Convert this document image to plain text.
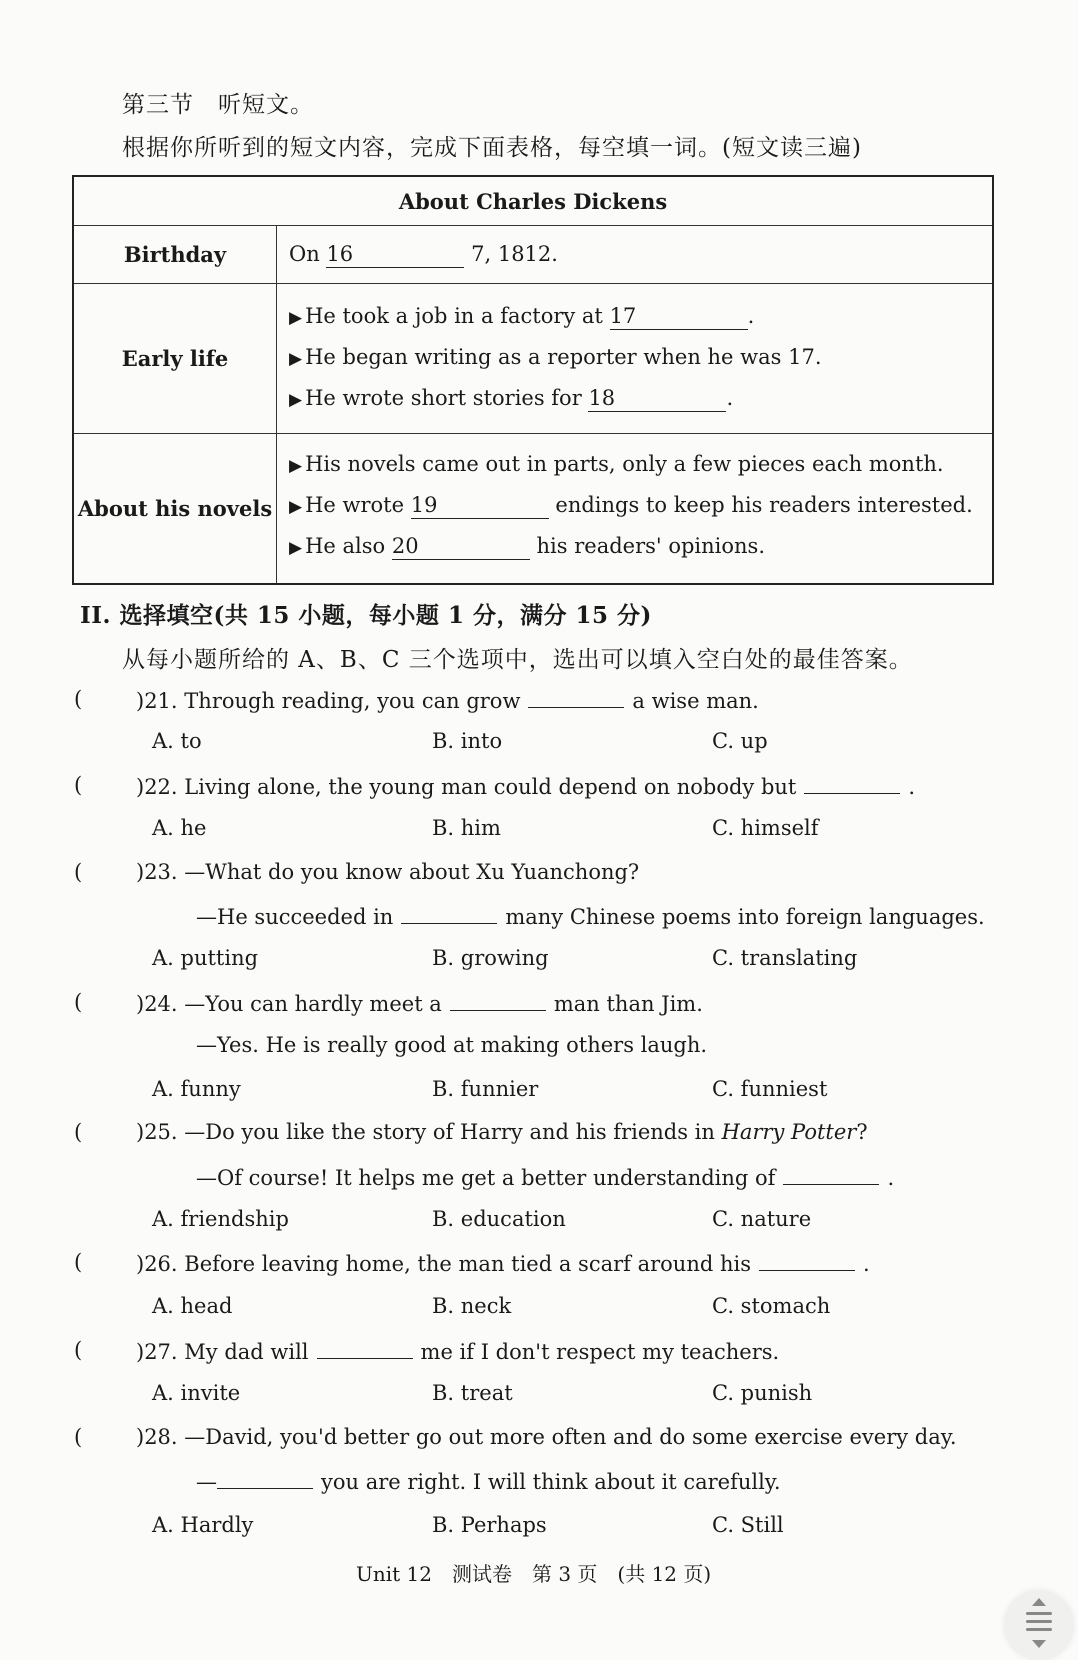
第三节　听短文。
根据你所听到的短文内容，完成下面表格，每空填一词。(短文读三遍)
About Charles Dickens	
Birthday	On 16 7, 1812.
Early life	▶ He took a job in a factory at 17 .
▶ He began writing as a reporter when he was 17.
▶ He wrote short stories for 18 .

About his novels	▶ His novels came out in parts, only a few pieces each month.
▶ He wrote 19 endings to keep his readers interested.
▶ He also 20 his readers' opinions.
II. 选择填空(共 15 小题，每小题 1 分，满分 15 分)
从每小题所给的 A、B、C 三个选项中，选出可以填入空白处的最佳答案。
(	)21. Through reading, you can grow	a wise man.
A. to	B. into	C. up
(	)22. Living alone, the young man could depend on nobody but	.
A. he	B. him	C. himself
(	)23. —What do you know about Xu Yuanchong?
—He succeeded in	many Chinese poems into foreign languages.
A. putting	B. growing	C. translating
(	)24. —You can hardly meet a	man than Jim.
—Yes. He is really good at making others laugh.
A. funny	B. funnier	C. funniest
(	)25. —Do you like the story of Harry and his friends in Harry Potter?
—Of course! It helps me get a better understanding of	.
A. friendship	B. education	C. nature
(	)26. Before leaving home, the man tied a scarf around his	.
A. head	B. neck	C. stomach
(	)27. My dad will	me if I don't respect my teachers.
A. invite	B. treat	C. punish
(	)28. —David, you'd better go out more often and do some exercise every day.
—	you are right. I will think about it carefully.
A. Hardly	B. Perhaps	C. Still
Unit 12　测试卷　第 3 页　(共 12 页)
